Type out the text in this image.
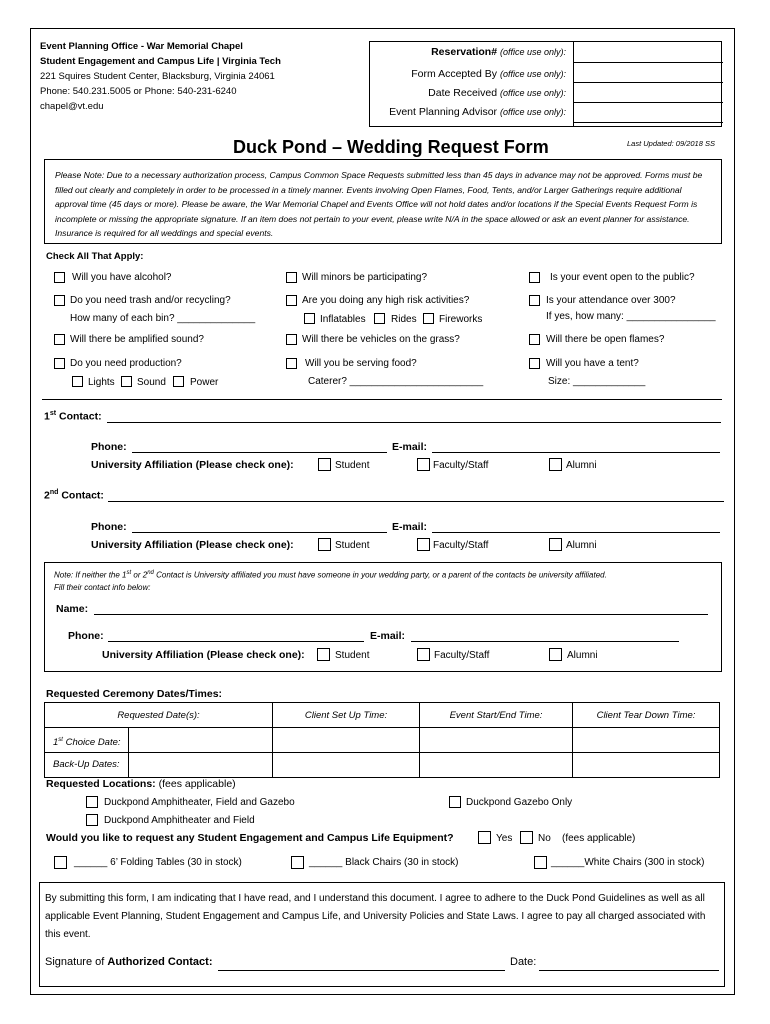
Event Planning Office - War Memorial Chapel
Student Engagement and Campus Life | Virginia Tech
221 Squires Student Center, Blacksburg, Virginia 24061
Phone: 540.231.5005 or Phone: 540-231-6240
chapel@vt.edu
Reservation# (office use only):
Form Accepted By (office use only):
Date Received (office use only):
Event Planning Advisor (office use only):
Duck Pond – Wedding Request Form	Last Updated: 09/2018 SS
Please Note: Due to a necessary authorization process, Campus Common Space Requests submitted less than 45 days in advance may not be approved. Forms must be filled out clearly and completely in order to be processed in a timely manner. Events involving Open Flames, Food, Tents, and/or Larger Gatherings require additional approval time (45 days or more). Please be aware, the War Memorial Chapel and Events Office will not hold dates and/or locations if the Special Events Request Form is incomplete or missing the appropriate signature. If an item does not pertain to your event, please write N/A in the space allowed or ask an event planner for assistance. Insurance is required for all weddings and special events.
Check All That Apply:
Will you have alcohol?	Will minors be participating?	Is your event open to the public?
Do you need trash and/or recycling?
How many of each bin? ______________
Are you doing any high risk activities?
Inflatables	Rides Fireworks
Is your attendance over 300?
If yes, how many: ________________
Will there be amplified sound?	Will there be vehicles on the grass?	Will there be open flames?
Do you need production?
Lights Sound Power
Will you be serving food?
Caterer? ________________________
Will you have a tent?
Size: _____________
1st Contact:
Phone:	E-mail:
University Affiliation (Please check one):	Student	Faculty/Staff	Alumni
2nd Contact:
Phone:	E-mail:
University Affiliation (Please check one):	Student	Faculty/Staff	Alumni
Note: If neither the 1st or 2nd Contact is University affiliated you must have someone in your wedding party, or a parent of the contacts be university affiliated.
Fill their contact info below:
Name:
Phone:	E-mail:
University Affiliation (Please check one):	Student	Faculty/Staff	Alumni
Requested Ceremony Dates/Times:
Requested Date(s):	Client Set Up Time:	Event Start/End Time:	Client Tear Down Time:

1st Choice Date:			

Back-Up Dates:			

Requested Locations: (fees applicable)
Duckpond Amphitheater, Field and Gazebo	Duckpond Gazebo Only
Duckpond Amphitheater and Field
Would you like to request any Student Engagement and Campus Life Equipment?	Yes	No (fees applicable)
______ 6’ Folding Tables (30 in stock)	______ Black Chairs (30 in stock)	______White Chairs (300 in stock)
By submitting this form, I am indicating that I have read, and I understand this document. I agree to adhere to the Duck Pond Guidelines as well as all applicable Event Planning, Student Engagement and Campus Life, and University Policies and State Laws. I agree to pay all charged associated with this event.
Signature of Authorized Contact:	Date:
